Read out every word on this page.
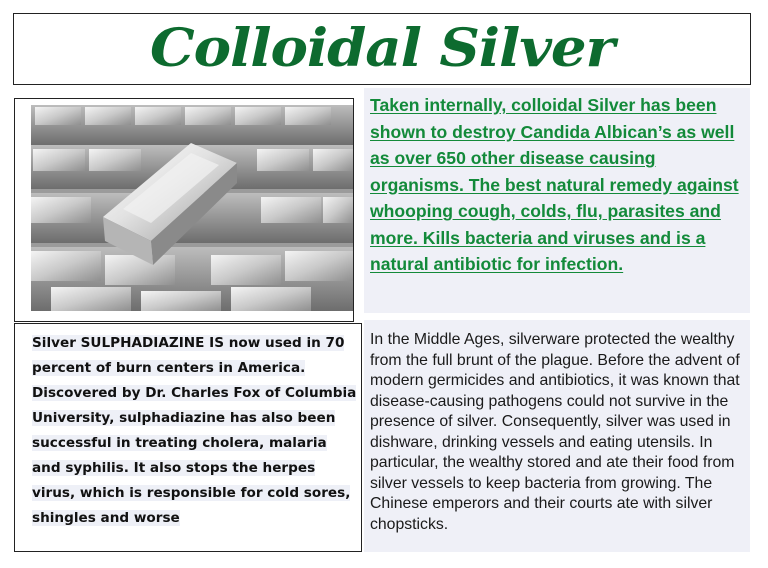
Colloidal Silver
Taken internally, colloidal Silver has been shown to destroy Candida Albican’s as well as over 650 other disease causing organisms. The best natural remedy against whooping cough, colds, flu, parasites and more. Kills bacteria and viruses and is a natural antibiotic for infection.
Silver SULPHADIAZINE IS now used in 70 percent of burn centers in America. Discovered by Dr. Charles Fox of Columbia University, sulphadiazine has also been successful in treating cholera, malaria and syphilis. It also stops the herpes virus, which is responsible for cold sores, shingles and worse
In the Middle Ages, silverware protected the wealthy from the full brunt of the plague. Before the advent of modern germicides and antibiotics, it was known that disease-causing pathogens could not survive in the presence of silver. Consequently, silver was used in dishware, drinking vessels and eating utensils. In particular, the wealthy stored and ate their food from silver vessels to keep bacteria from growing. The Chinese emperors and their courts ate with silver chopsticks.
